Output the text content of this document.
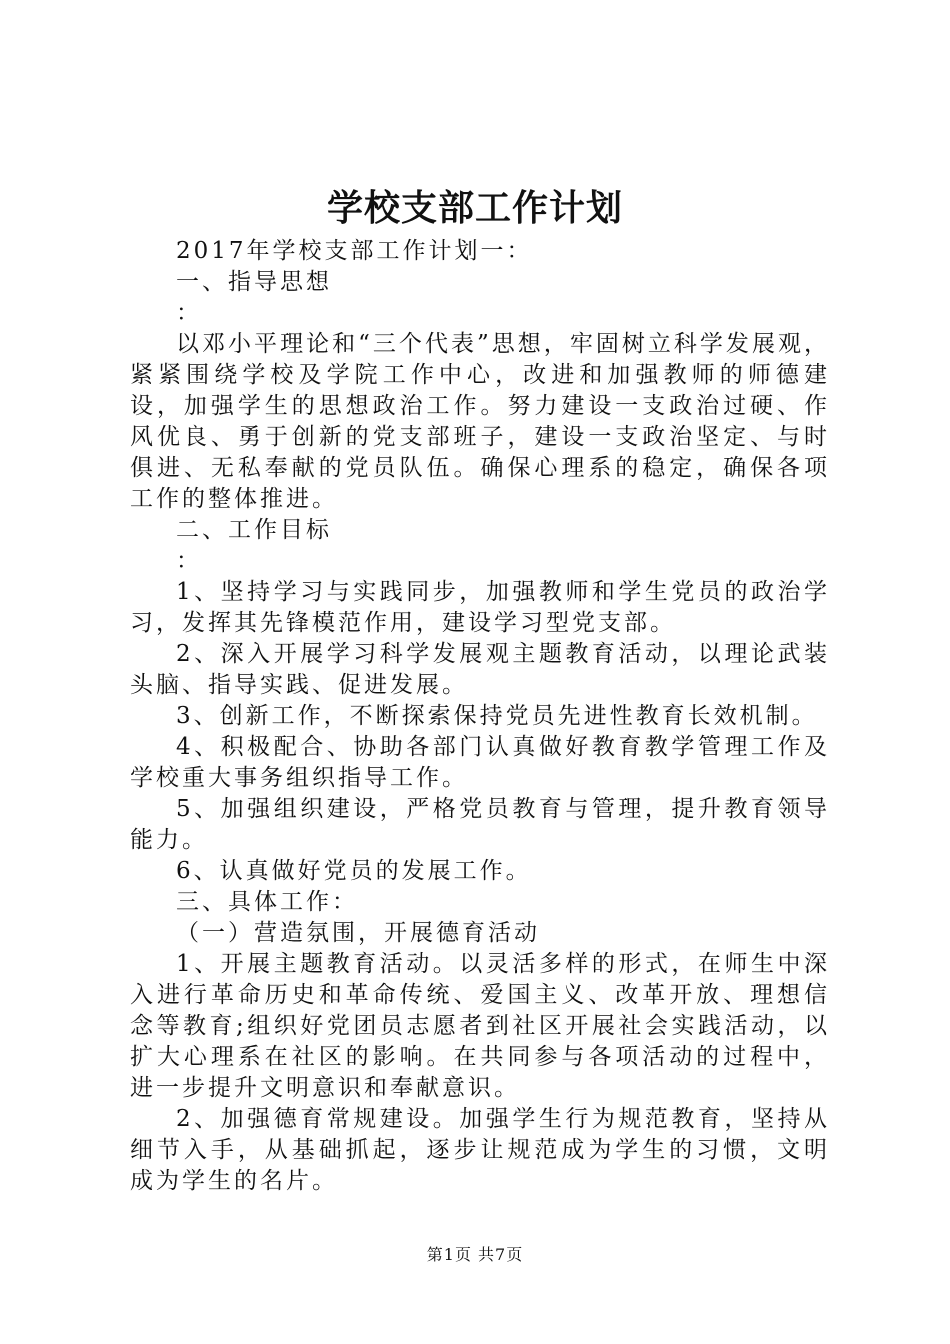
学校支部工作计划

2017年学校支部工作计划一：

一、指导思想

：

以邓小平理论和“三个代表”思想，牢固树立科学发展观，紧紧围绕学校及学院工作中心，改进和加强教师的师德建设，加强学生的思想政治工作。努力建设一支政治过硬、作风优良、勇于创新的党支部班子，建设一支政治坚定、与时俱进、无私奉献的党员队伍。确保心理系的稳定，确保各项工作的整体推进。

二、工作目标

：

1、坚持学习与实践同步，加强教师和学生党员的政治学习，发挥其先锋模范作用，建设学习型党支部。

2、深入开展学习科学发展观主题教育活动，以理论武装头脑、指导实践、促进发展。

3、创新工作，不断探索保持党员先进性教育长效机制。

4、积极配合、协助各部门认真做好教育教学管理工作及学校重大事务组织指导工作。

5、加强组织建设，严格党员教育与管理，提升教育领导能力。

6、认真做好党员的发展工作。

三、具体工作：

（一）营造氛围，开展德育活动

1、开展主题教育活动。以灵活多样的形式，在师生中深入进行革命历史和革命传统、爱国主义、改革开放、理想信念等教育;组织好党团员志愿者到社区开展社会实践活动，以扩大心理系在社区的影响。在共同参与各项活动的过程中，进一步提升文明意识和奉献意识。

2、加强德育常规建设。加强学生行为规范教育，坚持从细节入手，从基础抓起，逐步让规范成为学生的习惯，文明成为学生的名片。

第1页 共7页
